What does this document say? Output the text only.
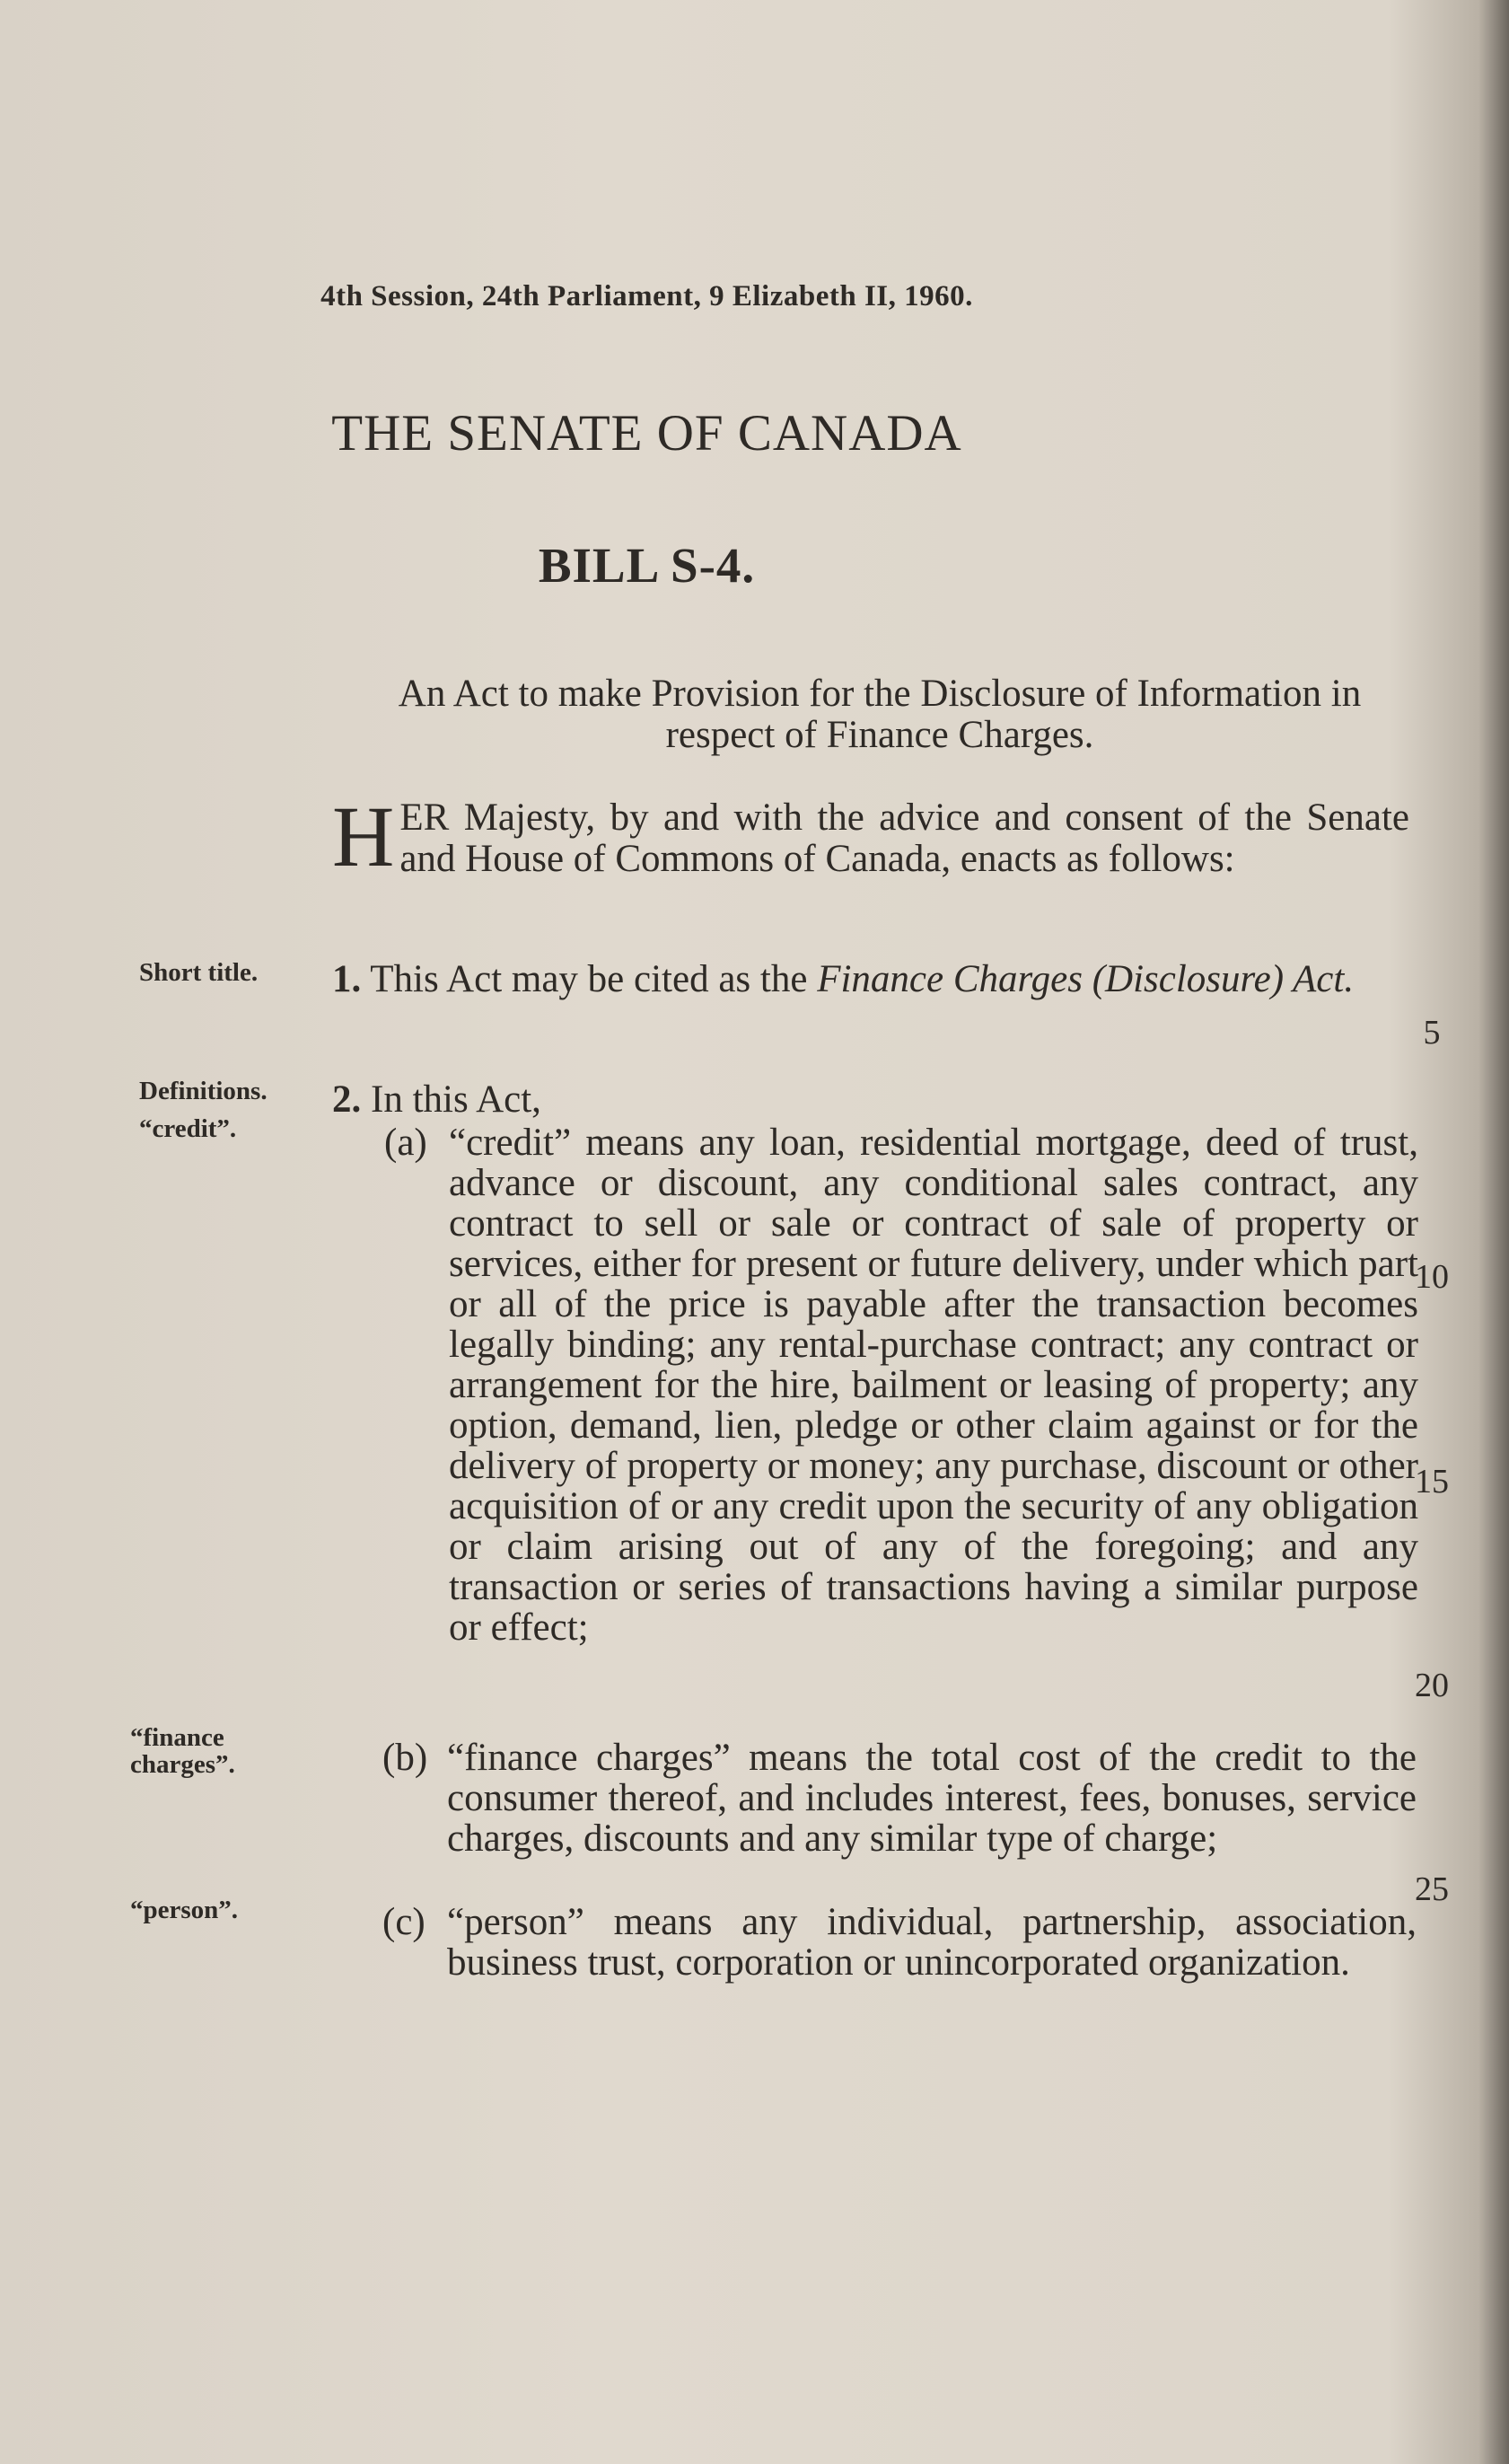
4th Session, 24th Parliament, 9 Elizabeth II, 1960.
THE SENATE OF CANADA
BILL S-4.
An Act to make Provision for the Disclosure of Information in respect of Finance Charges.
HER Majesty, by and with the advice and consent of the Senate and House of Commons of Canada, enacts as follows:
Short title. 1. This Act may be cited as the Finance Charges (Disclosure) Act.
Definitions.
“credit”.
2. In this Act,
(a) “credit” means any loan, residential mortgage, deed of trust, advance or discount, any conditional sales contract, any contract to sell or sale or contract of sale of property or services, either for present or future delivery, under which part or all of the price is payable after the transaction becomes legally binding; any rental-purchase contract; any contract or arrangement for the hire, bailment or leasing of property; any option, demand, lien, pledge or other claim against or for the delivery of property or money; any purchase, discount or other acquisition of or any credit upon the security of any obligation or claim arising out of any of the foregoing; and any transaction or series of transactions having a similar purpose or effect;
“finance
charges”.	(b) “finance charges” means the total cost of the credit to the consumer thereof, and includes interest, fees, bonuses, service charges, discounts and any similar type of charge;
“person”.	(c) “person” means any individual, partnership, association, business trust, corporation or unincorporated organization.
5
10
15
20
25
